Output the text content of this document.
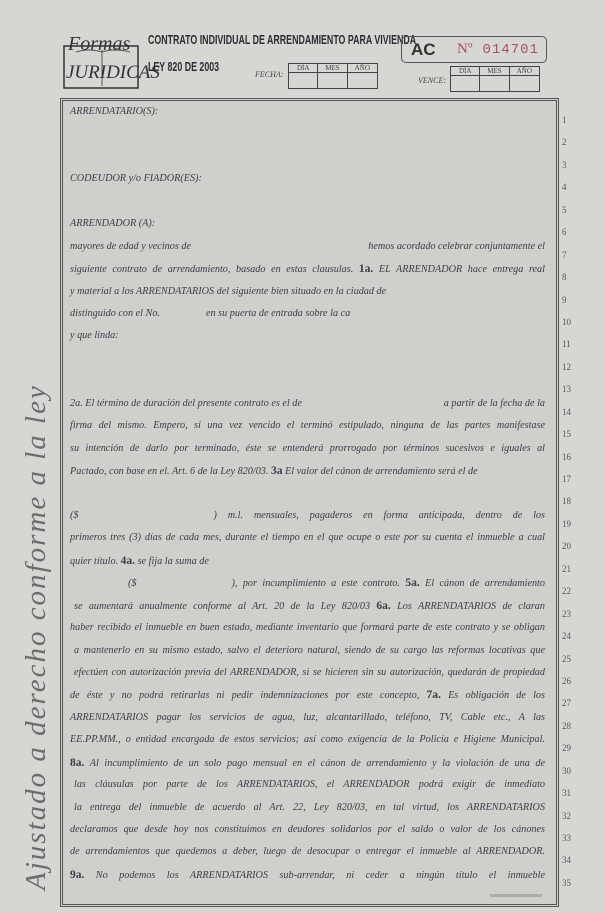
Formas
JURIDICAS
CONTRATO INDIVIDUAL DE ARRENDAMIENTO PARA VIVIENDA
LEY 820 DE 2003
AC	Nº 014701
FECHA:
DÍA	MES	AÑO
VENCE:
DÍA	MES	AÑO
Ajustado a derecho conforme a la ley
ARRENDATARIO(S):
1
2
3
CODEUDOR y/o FIADOR(ES):
4
5
ARRENDADOR (A):
6
mayores de edad y vecinos de	hemos acordado celebrar conjuntamente el
7
siguiente contrato de arrendamiento, basado en estas clausulas. 1a. EL ARRENDADOR hace entrega real
8
y material a los ARRENDATARIOS del siguiente bien situado en la ciudad de
9
distinguido con el No.	en su puerta de entrada sobre la ca
10
y que linda:
11
12
13
2a. El término de duración del presente contrato es el de	a partir de la fecha de la
14
firma del mismo. Empero, si una vez vencido el terminó estipulado, ninguna de las partes manifestase
15
su intención de darlo por terminado, éste se entenderá prorrogado por términos sucesivos e iguales al
16
Pactado, con base en el. Art. 6 de la Ley 820/03. 3a El valor del cánon de arrendamiento será el de
17
18
($	) m.l. mensuales, pagaderos en forma anticipada, dentro de los
19
primeros tres (3) días de cada mes, durante el tiempo en el que ocupe o este por su cuenta el inmueble a cual
20
quier título. 4a. se fija la suma de
21
($	), por incumplimiento a este contrato. 5a. El cánon de arrendamiento
22
se aumentará anualmente conforme al Art. 20 de la Ley 820/03 6a. Los ARRENDATARIOS de claran
23
haber recibido el inmueble en buen estado, mediante inventario que formará parte de este contrato y se obligan
24
a mantenerlo en su mismo estado, salvo el deterioro natural, siendo de su cargo las reformas locativas que
25
efectúen con autorización previa del ARRENDADOR, si se hicieren sin su autorización, quedarán de propiedad
26
de éste y no podrá retirarlas ni pedir indemnizaciones por este concepto, 7a. Es obligación de los
27
ARRENDATARIOS pagar los servicios de agua, luz, alcantarillado, teléfono, TV, Cable etc., A las
28
EE.PP.MM., o entidad encargada de estos servicios; así como exigencia de la Policía e Higiene Municipal.
29
8a. Al incumplimiento de un solo pago mensual en el cánon de arrendamiento y la violación de una de
30
las cláusulas por parte de los ARRENDATARIOS, el ARRENDADOR podrá exigir de inmediato
31
la entrega del inmueble de acuerdo al Art. 22, Ley 820/03, en tal virtud, los ARRENDATARIOS
32
declaramos que desde hoy nos constituimos en deudores solidarios por el saldo o valor de los cánones
33
de arrendamientos que quedemos a deber, luego de desocupar o entregar el inmueble al ARRENDADOR.
34
9a. No podemos los ARRENDATARIOS sub-arrendar, ni ceder a ningún título el inmueble
35
